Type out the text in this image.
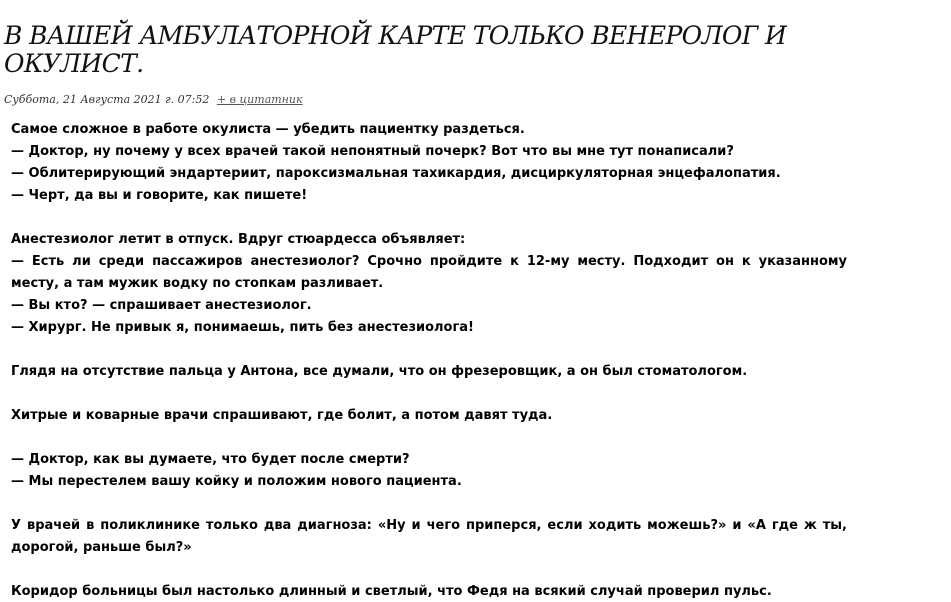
В ВАШЕЙ АМБУЛАТОРНОЙ КАРТЕ ТОЛЬКО ВЕНЕРОЛОГ И ОКУЛИСТ.
Суббота, 21 Августа 2021 г. 07:52 + в цитатник

Самое сложное в работе окулиста — убедить пациентку раздеться.

— Доктор, ну почему у всех врачей такой непонятный почерк? Вот что вы мне тут понаписали?

— Облитерирующий эндартериит, пароксизмальная тахикардия, дисциркуляторная энцефалопатия.

— Черт, да вы и говорите, как пишете!

Анестезиолог летит в отпуск. Вдруг стюардесса объявляет:

— Есть ли среди пассажиров анестезиолог? Срочно пройдите к 12-му месту. Подходит он к указанному месту, а там мужик водку по стопкам разливает.

— Вы кто? — спрашивает анестезиолог.

— Хирург. Не привык я, понимаешь, пить без анестезиолога!

Глядя на отсутствие пальца у Антона, все думали, что он фрезеровщик, а он был стоматологом.

Хитрые и коварные врачи спрашивают, где болит, а потом давят туда.

— Доктор, как вы думаете, что будет после смерти?

— Мы перестелем вашу койку и положим нового пациента.

У врачей в поликлинике только два диагноза: «Ну и чего приперся, если ходить можешь?» и «А где ж ты, дорогой, раньше был?»

Коридор больницы был настолько длинный и светлый, что Федя на всякий случай проверил пульс.
